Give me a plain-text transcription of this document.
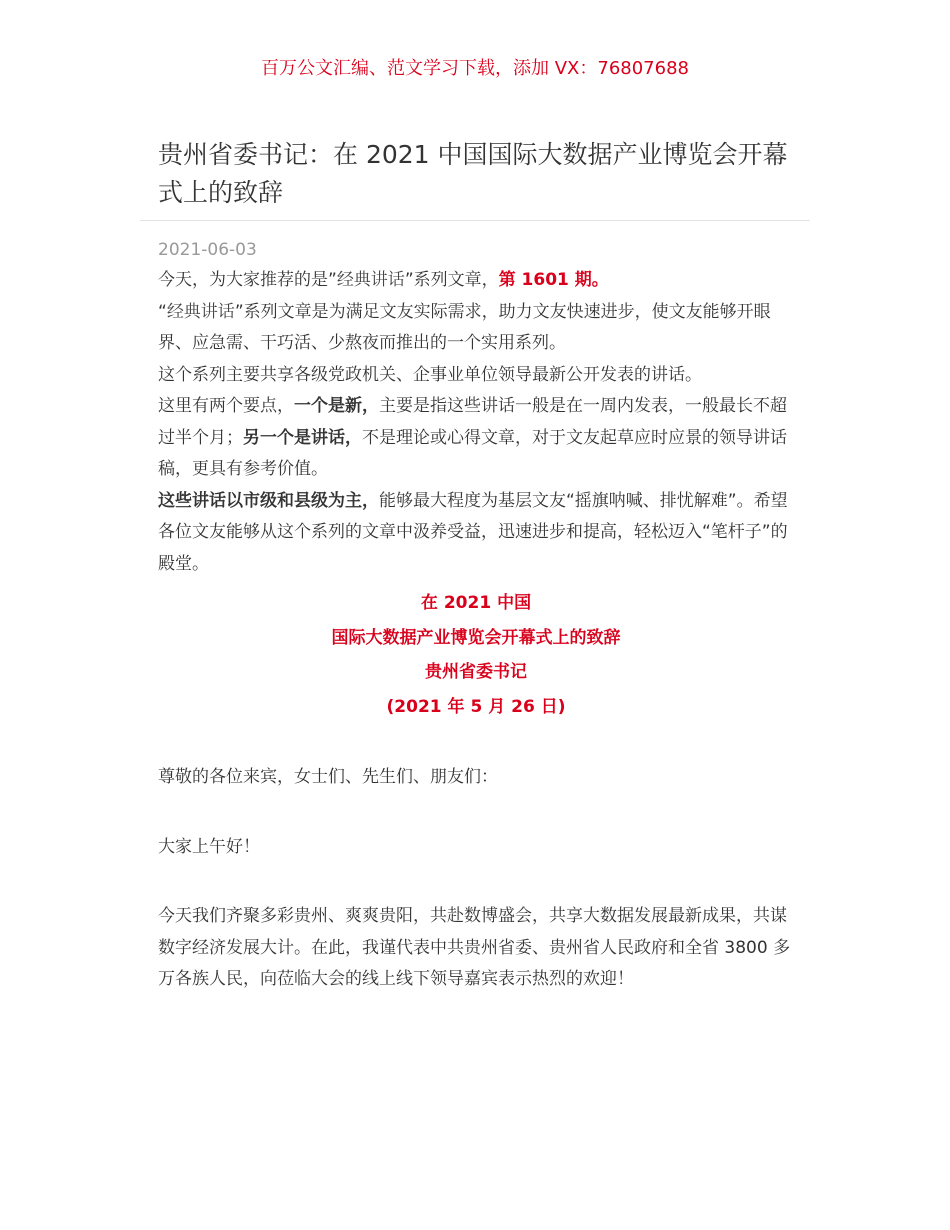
百万公文汇编、范文学习下载，添加 VX：76807688
贵州省委书记：在 2021 中国国际大数据产业博览会开幕式上的致辞
2021-06-03

今天，为大家推荐的是”经典讲话”系列文章，第 1601 期。

“经典讲话”系列文章是为满足文友实际需求，助力文友快速进步，使文友能够开眼界、应急需、干巧活、少熬夜而推出的一个实用系列。

这个系列主要共享各级党政机关、企事业单位领导最新公开发表的讲话。

这里有两个要点，一个是新，主要是指这些讲话一般是在一周内发表，一般最长不超过半个月；另一个是讲话，不是理论或心得文章，对于文友起草应时应景的领导讲话稿，更具有参考价值。

这些讲话以市级和县级为主，能够最大程度为基层文友“摇旗呐喊、排忧解难”。希望各位文友能够从这个系列的文章中汲养受益，迅速进步和提高，轻松迈入“笔杆子”的殿堂。

在 2021 中国
国际大数据产业博览会开幕式上的致辞
贵州省委书记
(2021 年 5 月 26 日)

尊敬的各位来宾，女士们、先生们、朋友们：

大家上午好！

今天我们齐聚多彩贵州、爽爽贵阳，共赴数博盛会，共享大数据发展最新成果，共谋数字经济发展大计。在此，我谨代表中共贵州省委、贵州省人民政府和全省 3800 多万各族人民，向莅临大会的线上线下领导嘉宾表示热烈的欢迎！
